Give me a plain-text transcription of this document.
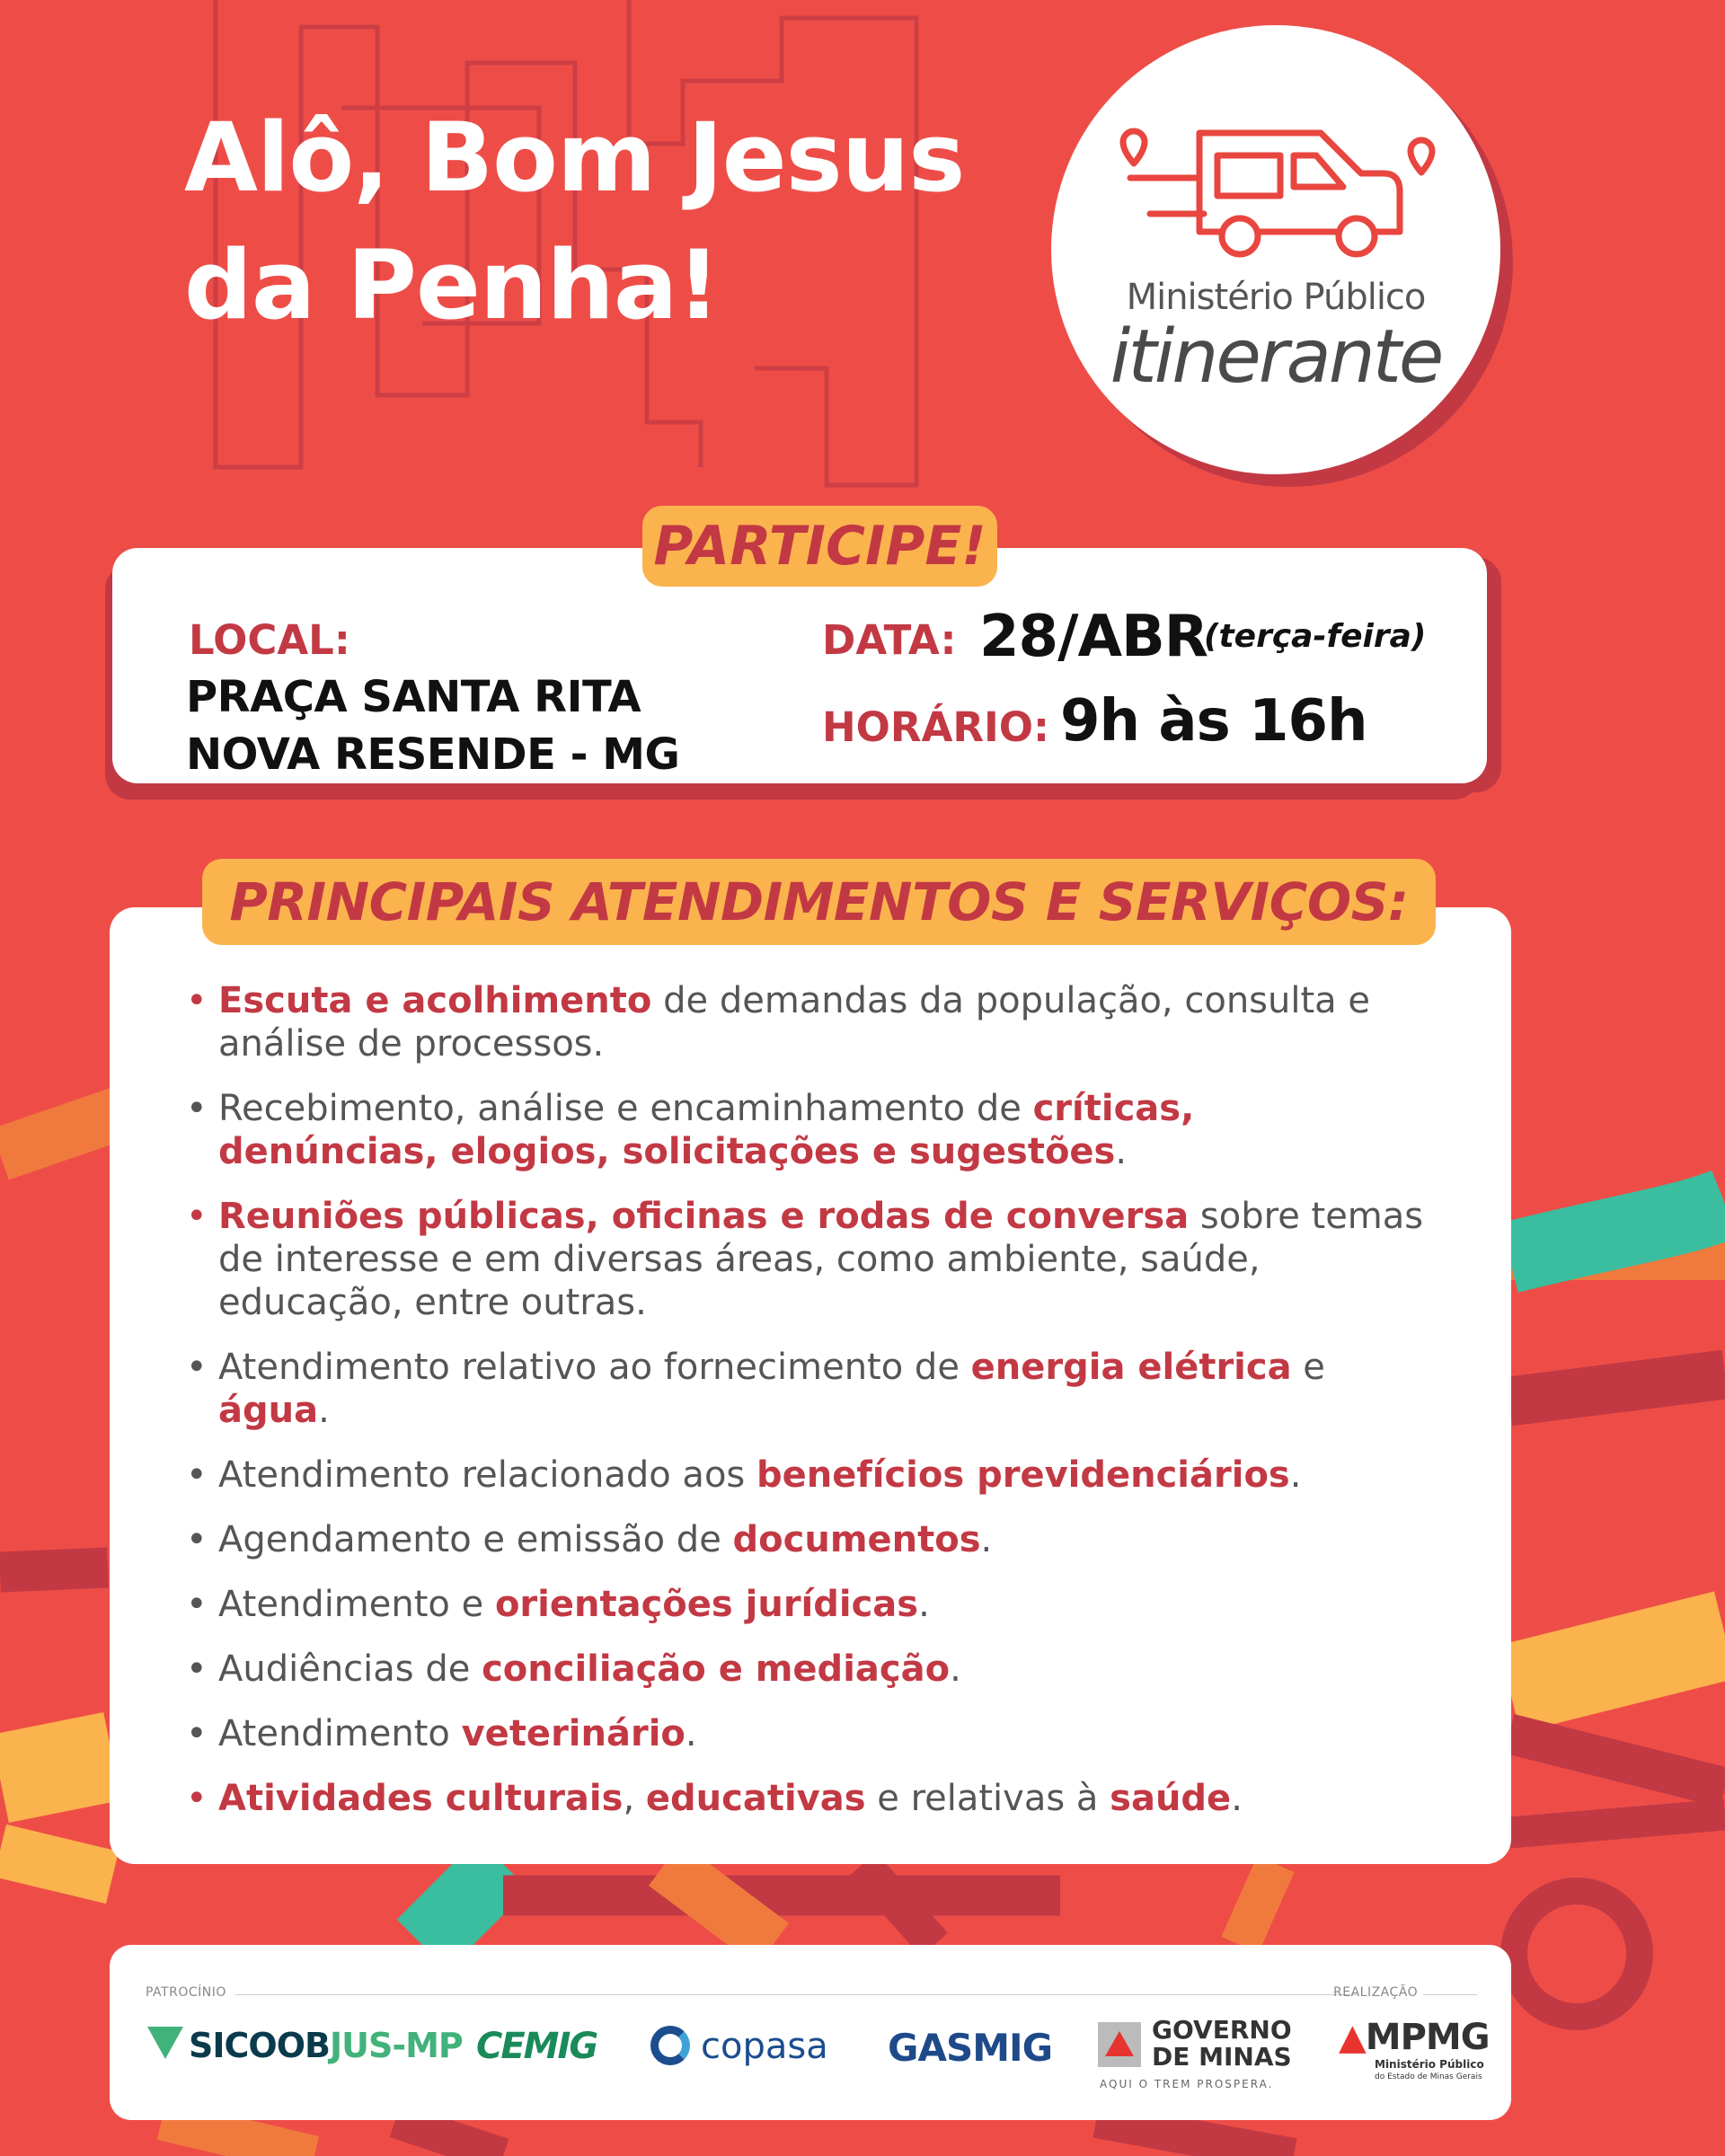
Alô, Bom Jesus
da Penha!	Ministério Público
itinerante
PARTICIPE!
LOCAL:
PRAÇA SANTA RITA
NOVA RESENDE - MG
DATA: 28/ABR
(terça-feira)
HORÁRIO: 9h às 16h
PRINCIPAIS ATENDIMENTOS E SERVIÇOS:
• Escuta e acolhimento de demandas da população, consulta e análise de processos.
• Recebimento, análise e encaminhamento de críticas, denúncias, elogios, solicitações e sugestões.
• Reuniões públicas, oficinas e rodas de conversa sobre temas de interesse e em diversas áreas, como ambiente, saúde, educação, entre outras.
• Atendimento relativo ao fornecimento de energia elétrica e água.
• Atendimento relacionado aos benefícios previdenciários.
• Agendamento e emissão de documentos.
• Atendimento e orientações jurídicas.
• Audiências de conciliação e mediação.
• Atendimento veterinário.
• Atividades culturais, educativas e relativas à saúde.
PATROCÍNIO	REALIZAÇÃO
SICOOBJUS-MP CEMIG	copasa GASMIG	GOVERNO
DE MINAS
AQUI O TREM PROSPERA.
▲MPMG
Ministério Público
do Estado de Minas Gerais
